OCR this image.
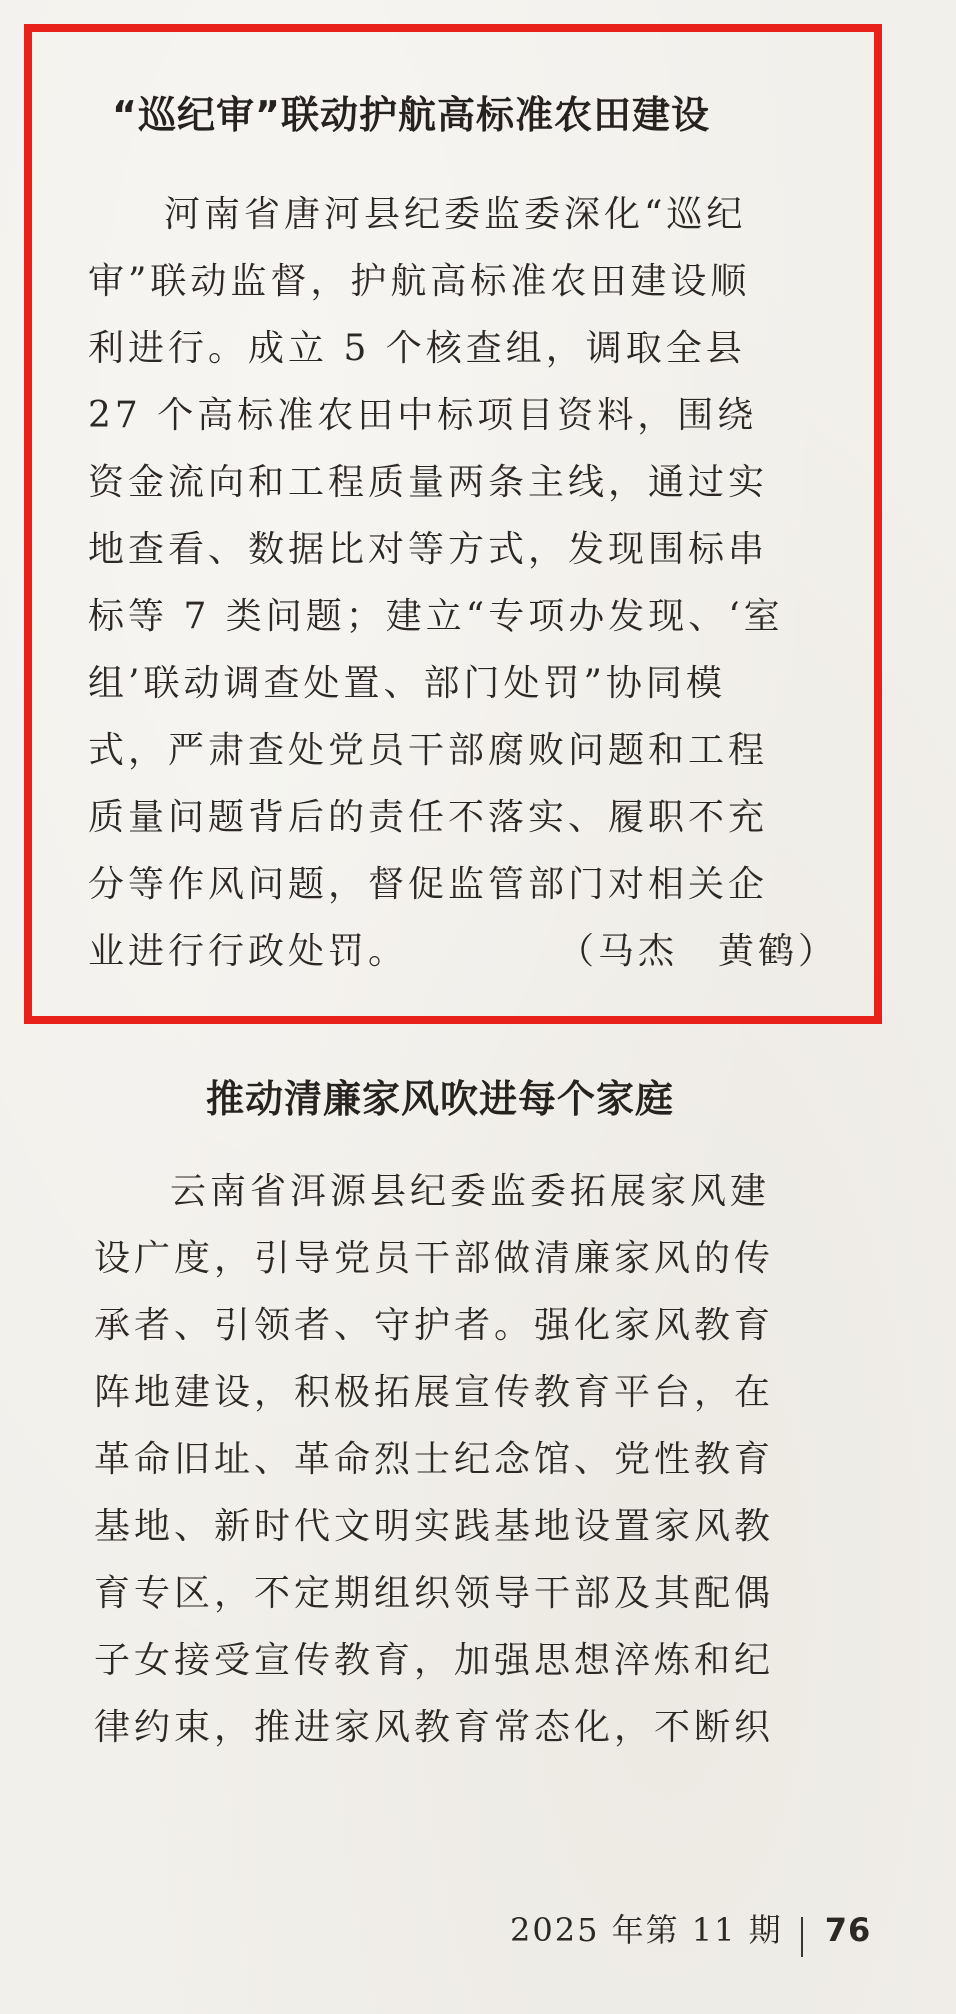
“巡纪审”联动护航高标准农田建设
河南省唐河县纪委监委深化“巡纪
审”联动监督，护航高标准农田建设顺
利进行。成立 5 个核查组，调取全县
27 个高标准农田中标项目资料，围绕
资金流向和工程质量两条主线，通过实
地查看、数据比对等方式，发现围标串
标等 7 类问题；建立“专项办发现、‘室
组’联动调查处置、部门处罚”协同模
式，严肃查处党员干部腐败问题和工程
质量问题背后的责任不落实、履职不充
分等作风问题，督促监管部门对相关企
业进行行政处罚。	（马杰　黄鹤）
推动清廉家风吹进每个家庭
云南省洱源县纪委监委拓展家风建
设广度，引导党员干部做清廉家风的传
承者、引领者、守护者。强化家风教育
阵地建设，积极拓展宣传教育平台，在
革命旧址、革命烈士纪念馆、党性教育
基地、新时代文明实践基地设置家风教
育专区，不定期组织领导干部及其配偶
子女接受宣传教育，加强思想淬炼和纪
律约束，推进家风教育常态化，不断织
2025 年第 11 期 76
